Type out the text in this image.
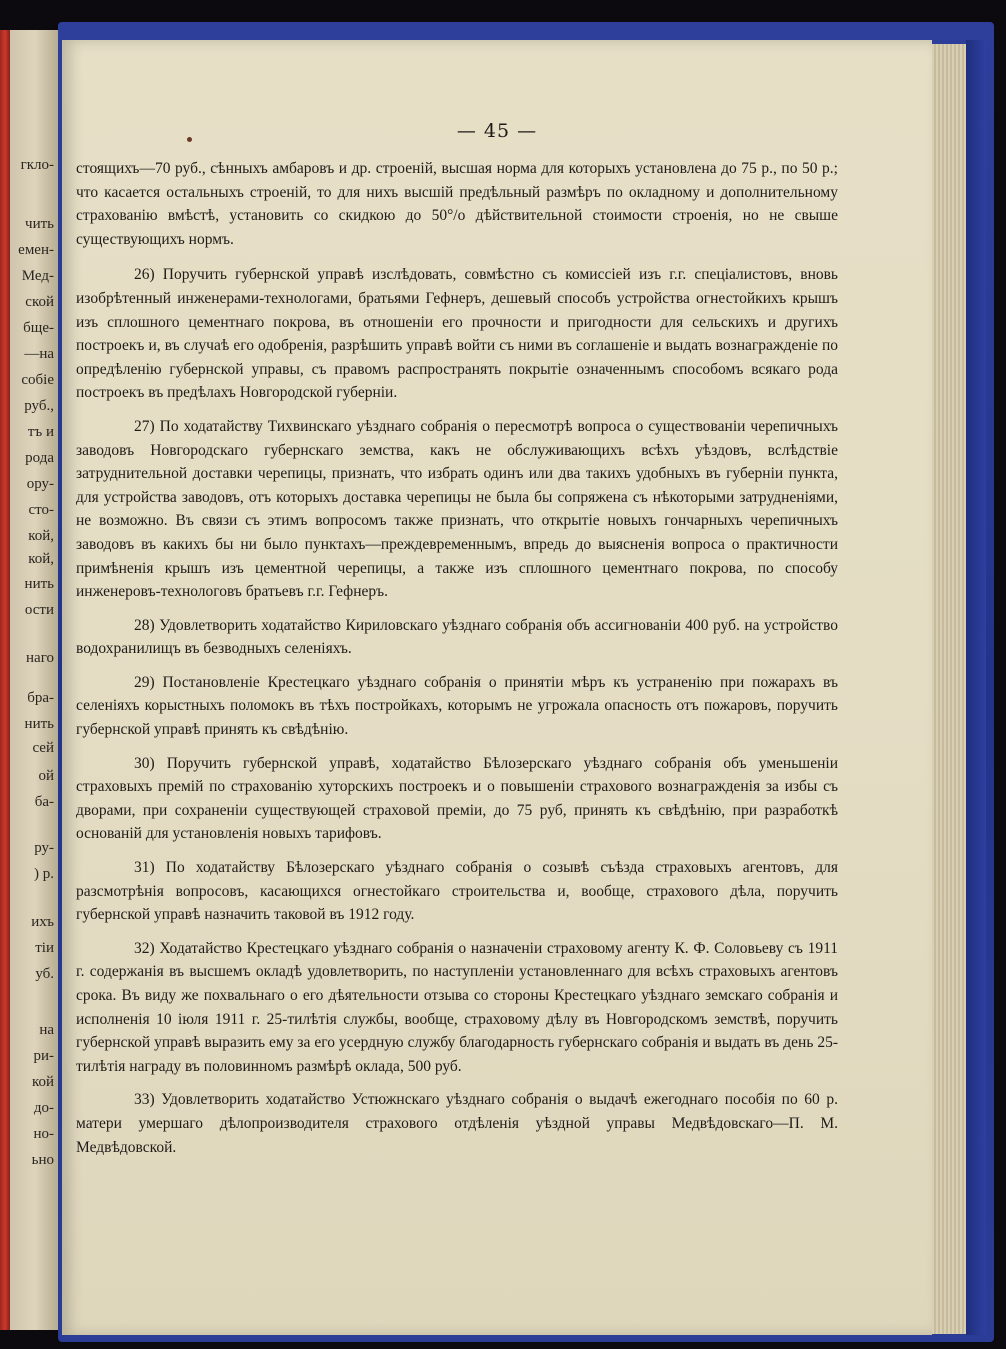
гкло-
чить
емен-
Мед-
ской
бще-
—на
собіе
руб.,
тъ и
рода
ору-
сто-
кой,
кой,
нить
ости
наго
бра-
нить
сей
ой
ба-
ру-
) р.
ихъ
тіи
уб.
на
ри-
кой
до-
но-
ьно
— 45 —

стоящихъ—70 руб., сѣнныхъ амбаровъ и др. строеній, высшая норма для которыхъ установлена до 75 р., по 50 р.; что касается остальныхъ строеній, то для нихъ высшій предѣльный размѣръ по окладному и дополнительному страхованію вмѣстѣ, установить со скидкою до 50°/о дѣйствительной стоимости строенія, но не свыше существующихъ нормъ.

26) Поручить губернской управѣ изслѣдовать, совмѣстно съ комиссіей изъ г.г. спеціалистовъ, вновь изобрѣтенный инженерами-технологами, братьями Гефнеръ, дешевый способъ устройства огнестойкихъ крышъ изъ сплошного цементнаго покрова, въ отношеніи его прочности и пригодности для сельскихъ и другихъ построекъ и, въ случаѣ его одобренія, разрѣшить управѣ войти съ ними въ соглашеніе и выдать вознагражденіе по опредѣленію губернской управы, съ правомъ распространять покрытіе означеннымъ способомъ всякаго рода построекъ въ предѣлахъ Новгородской губерніи.

27) По ходатайству Тихвинскаго уѣзднаго собранія о пересмотрѣ вопроса о существованіи черепичныхъ заводовъ Новгородскаго губернскаго земства, какъ не обслуживающихъ всѣхъ уѣздовъ, вслѣдствіе затруднительной доставки черепицы, признать, что избрать одинъ или два такихъ удобныхъ въ губерніи пункта, для устройства заводовъ, отъ которыхъ доставка черепицы не была бы сопряжена съ нѣкоторыми затрудненіями, не возможно. Въ связи съ этимъ вопросомъ также признать, что открытіе новыхъ гончарныхъ черепичныхъ заводовъ въ какихъ бы ни было пунктахъ—преждевременнымъ, впредь до выясненія вопроса о практичности примѣненія крышъ изъ цементной черепицы, а также изъ сплошного цементнаго покрова, по способу инженеровъ-технологовъ братьевъ г.г. Гефнеръ.

28) Удовлетворить ходатайство Кириловскаго уѣзднаго собранія объ ассигнованіи 400 руб. на устройство водохранилищъ въ безводныхъ селеніяхъ.

29) Постановленіе Крестецкаго уѣзднаго собранія о принятіи мѣръ къ устраненію при пожарахъ въ селеніяхъ корыстныхъ поломокъ въ тѣхъ постройкахъ, которымъ не угрожала опасность отъ пожаровъ, поручить губернской управѣ принять къ свѣдѣнію.

30) Поручить губернской управѣ, ходатайство Бѣлозерскаго уѣзднаго собранія объ уменьшеніи страховыхъ премій по страхованію хуторскихъ построекъ и о повышеніи страхового вознагражденія за избы съ дворами, при сохраненіи существующей страховой преміи, до 75 руб, принять къ свѣдѣнію, при разработкѣ основаній для установленія новыхъ тарифовъ.

31) По ходатайству Бѣлозерскаго уѣзднаго собранія о созывѣ съѣзда страховыхъ агентовъ, для разсмотрѣнія вопросовъ, касающихся огнестойкаго строительства и, вообще, страхового дѣла, поручить губернской управѣ назначить таковой въ 1912 году.

32) Ходатайство Крестецкаго уѣзднаго собранія о назначеніи страховому агенту К. Ф. Соловьеву съ 1911 г. содержанія въ высшемъ окладѣ удовлетворить, по наступленіи установленнаго для всѣхъ страховыхъ агентовъ срока. Въ виду же похвальнаго о его дѣятельности отзыва со стороны Крестецкаго уѣзднаго земскаго собранія и исполненія 10 іюля 1911 г. 25-тилѣтія службы, вообще, страховому дѣлу въ Новгородскомъ земствѣ, поручить губернской управѣ выразить ему за его усердную службу благодарность губернскаго собранія и выдать въ день 25-тилѣтія награду въ половинномъ размѣрѣ оклада, 500 руб.

33) Удовлетворить ходатайство Устюжнскаго уѣзднаго собранія о выдачѣ ежегоднаго пособія по 60 р. матери умершаго дѣлопроизводителя страхового отдѣленія уѣздной управы Медвѣдовскаго—П. М. Медвѣдовской.
